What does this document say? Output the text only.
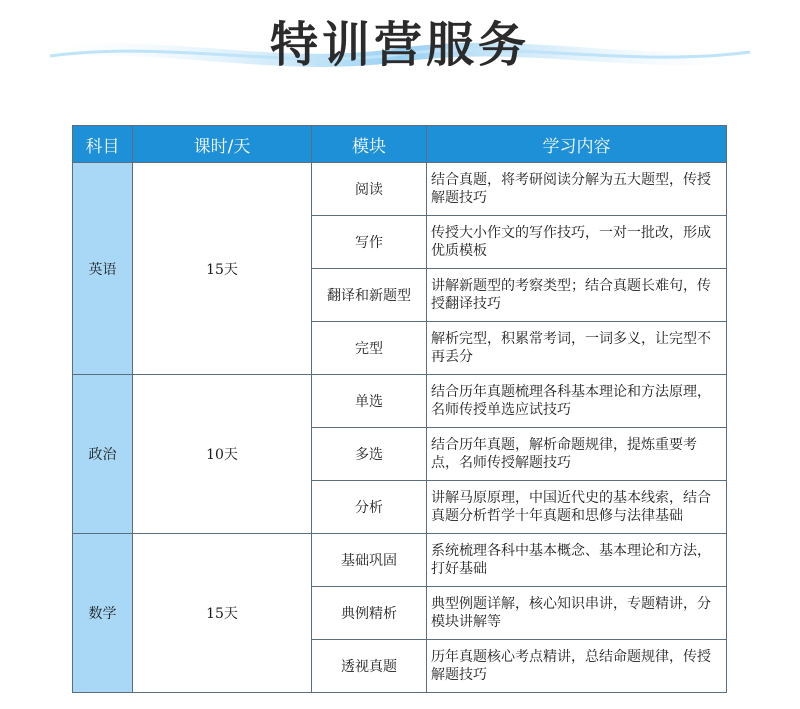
特训营服务
科目	课时/天	模块	学习内容
英语	15天	阅读	结合真题，将考研阅读分解为五大题型，传授解题技巧
		写作	传授大小作文的写作技巧，一对一批改，形成优质模板
		翻译和新题型	讲解新题型的考察类型；结合真题长难句，传授翻译技巧
		完型	解析完型，积累常考词，一词多义，让完型不再丢分
政治	10天	单选	结合历年真题梳理各科基本理论和方法原理，名师传授单选应试技巧
		多选	结合历年真题，解析命题规律，提炼重要考点，名师传授解题技巧
		分析	讲解马原原理，中国近代史的基本线索，结合真题分析哲学十年真题和思修与法律基础
数学	15天	基础巩固	系统梳理各科中基本概念、基本理论和方法，打好基础
		典例精析	典型例题详解，核心知识串讲，专题精讲，分模块讲解等
		透视真题	历年真题核心考点精讲，总结命题规律，传授解题技巧
